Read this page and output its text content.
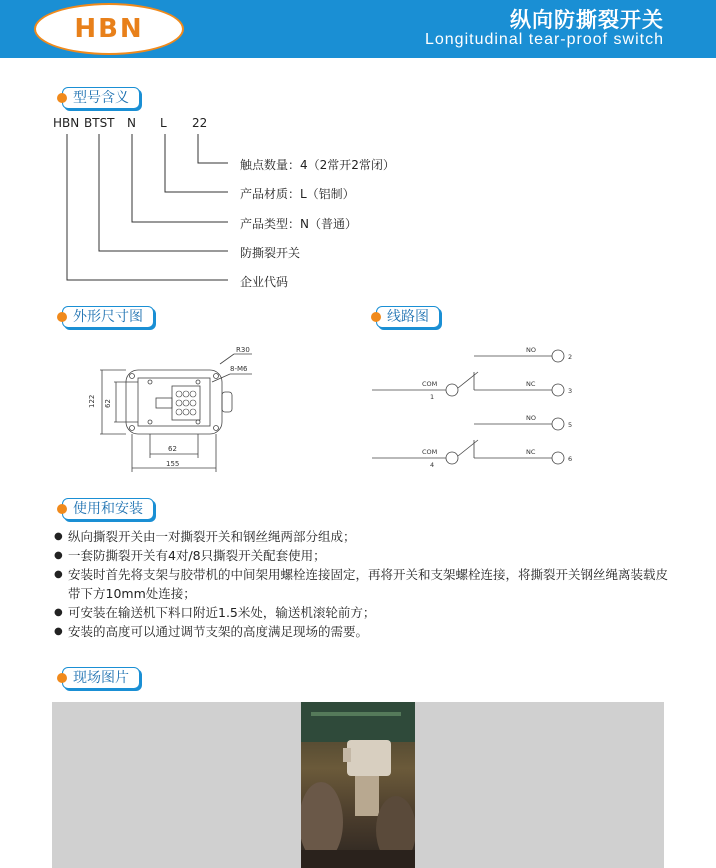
HBN	纵向防撕裂开关
Longitudinal tear-proof switch
型号含义
HBN BTST N L 22
触点数量：4（2常开2常闭）
产品材质：L（铝制）
产品类型：N（普通）
防撕裂开关
企业代码
外形尺寸图	线路图
R30
8-M6
122 62
62
155
NO
2
COM
1
NC
3
NO
5
COM
4
NC
6
使用和安装
● 纵向撕裂开关由一对撕裂开关和钢丝绳两部分组成；
● 一套防撕裂开关有4对/8只撕裂开关配套使用；
● 安装时首先将支架与胶带机的中间架用螺栓连接固定，再将开关和支架螺栓连接，将撕裂开关钢丝绳离装载皮带下方10mm处连接；
● 可安装在输送机下料口附近1.5米处，输送机滚轮前方；
● 安装的高度可以通过调节支架的高度满足现场的需要。
现场图片
